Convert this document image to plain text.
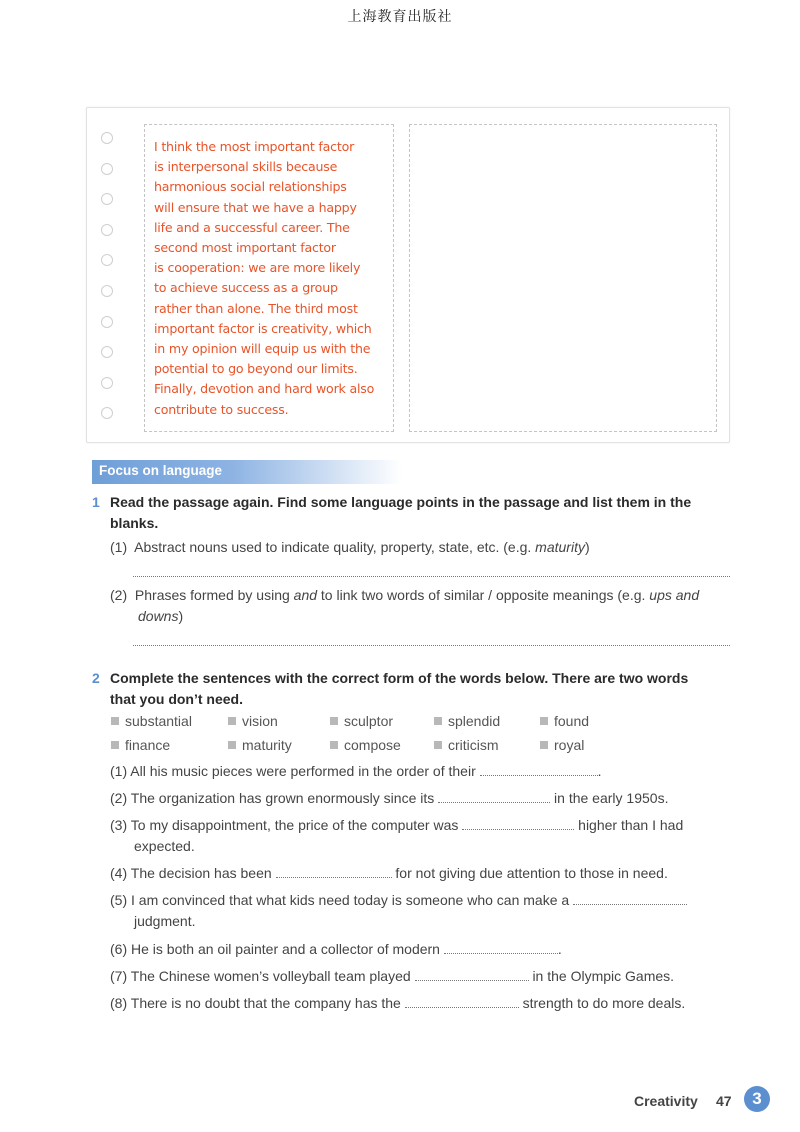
上海教育出版社
I think the most important factor
is interpersonal skills because
harmonious social relationships
will ensure that we have a happy
life and a successful career. The
second most important factor
is cooperation: we are more likely
to achieve success as a group
rather than alone. The third most
important factor is creativity, which
in my opinion will equip us with the
potential to go beyond our limits.
Finally, devotion and hard work also
contribute to success.
Focus on language
1 Read the passage again. Find some language points in the passage and list them in the
blanks.
(1) Abstract nouns used to indicate quality, property, state, etc. (e.g. maturity)
(2) Phrases formed by using and to link two words of similar / opposite meanings (e.g. ups and
downs)
2 Complete the sentences with the correct form of the words below. There are two words
that you don’t need.
substantial	vision	sculptor	splendid	found
finance	maturity	compose	criticism	royal
(1) All his music pieces were performed in the order of their	.
(2) The organization has grown enormously since its	in the early 1950s.
(3) To my disappointment, the price of the computer was	higher than I had
expected.
(4) The decision has been	for not giving due attention to those in need.
(5) I am convinced that what kids need today is someone who can make a
judgment.
(6) He is both an oil painter and a collector of modern	.
(7) The Chinese women’s volleyball team played	in the Olympic Games.
(8) There is no doubt that the company has the	strength to do more deals.
Creativity 47	3
